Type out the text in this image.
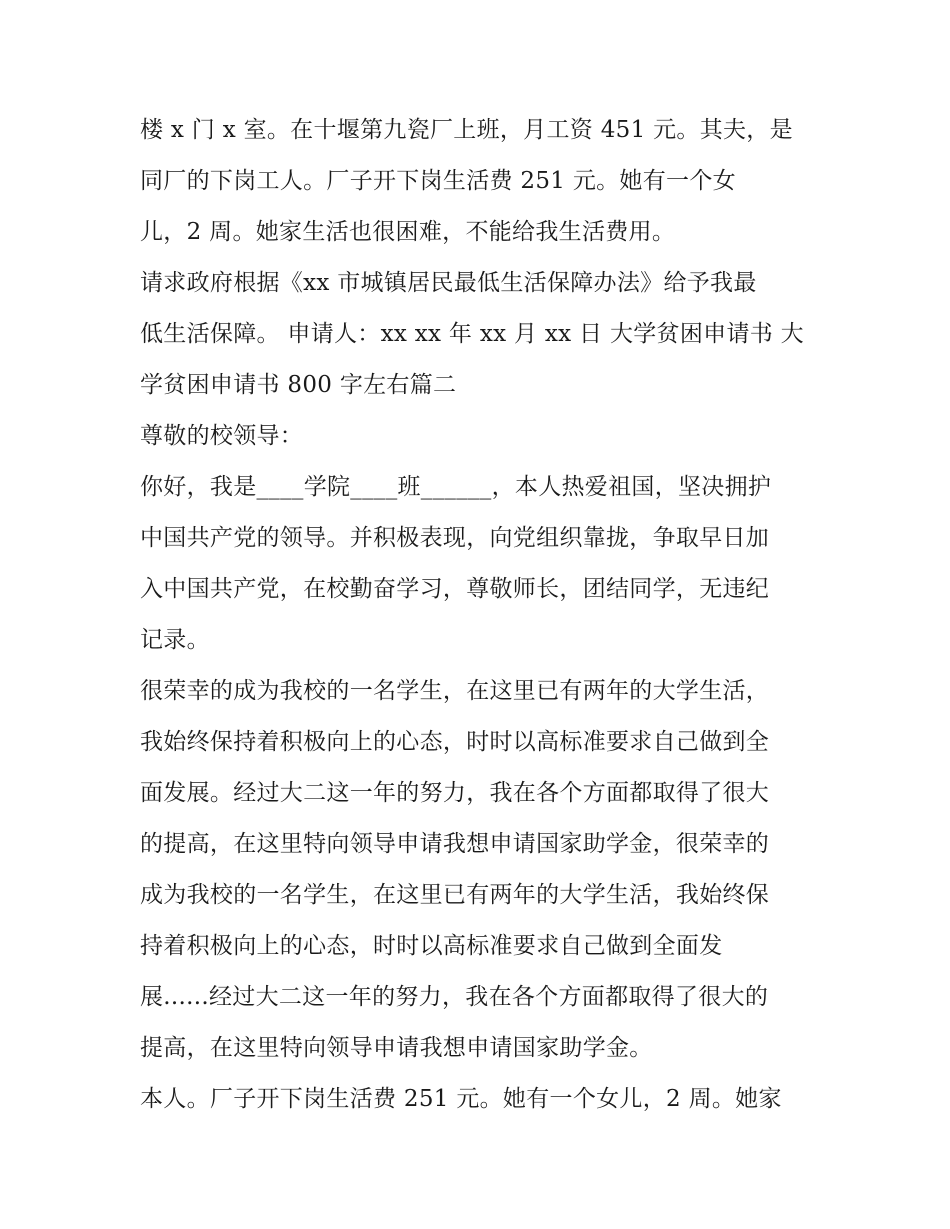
楼 x 门 x 室。在十堰第九瓷厂上班，月工资 451 元。其夫，是
同厂的下岗工人。厂子开下岗生活费 251 元。她有一个女
儿，2 周。她家生活也很困难，不能给我生活费用。
请求政府根据《xx 市城镇居民最低生活保障办法》给予我最
低生活保障。 申请人：xx xx 年 xx 月 xx 日 大学贫困申请书 大
学贫困申请书 800 字左右篇二
尊敬的校领导：
你好，我是____学院____班______，本人热爱祖国，坚决拥护
中国共产党的领导。并积极表现，向党组织靠拢，争取早日加
入中国共产党，在校勤奋学习，尊敬师长，团结同学，无违纪
记录。
很荣幸的成为我校的一名学生，在这里已有两年的大学生活，
我始终保持着积极向上的心态，时时以高标准要求自己做到全
面发展。经过大二这一年的努力，我在各个方面都取得了很大
的提高，在这里特向领导申请我想申请国家助学金，很荣幸的
成为我校的一名学生，在这里已有两年的大学生活，我始终保
持着积极向上的心态，时时以高标准要求自己做到全面发
展......经过大二这一年的努力，我在各个方面都取得了很大的
提高，在这里特向领导申请我想申请国家助学金。
本人。厂子开下岗生活费 251 元。她有一个女儿，2 周。她家
